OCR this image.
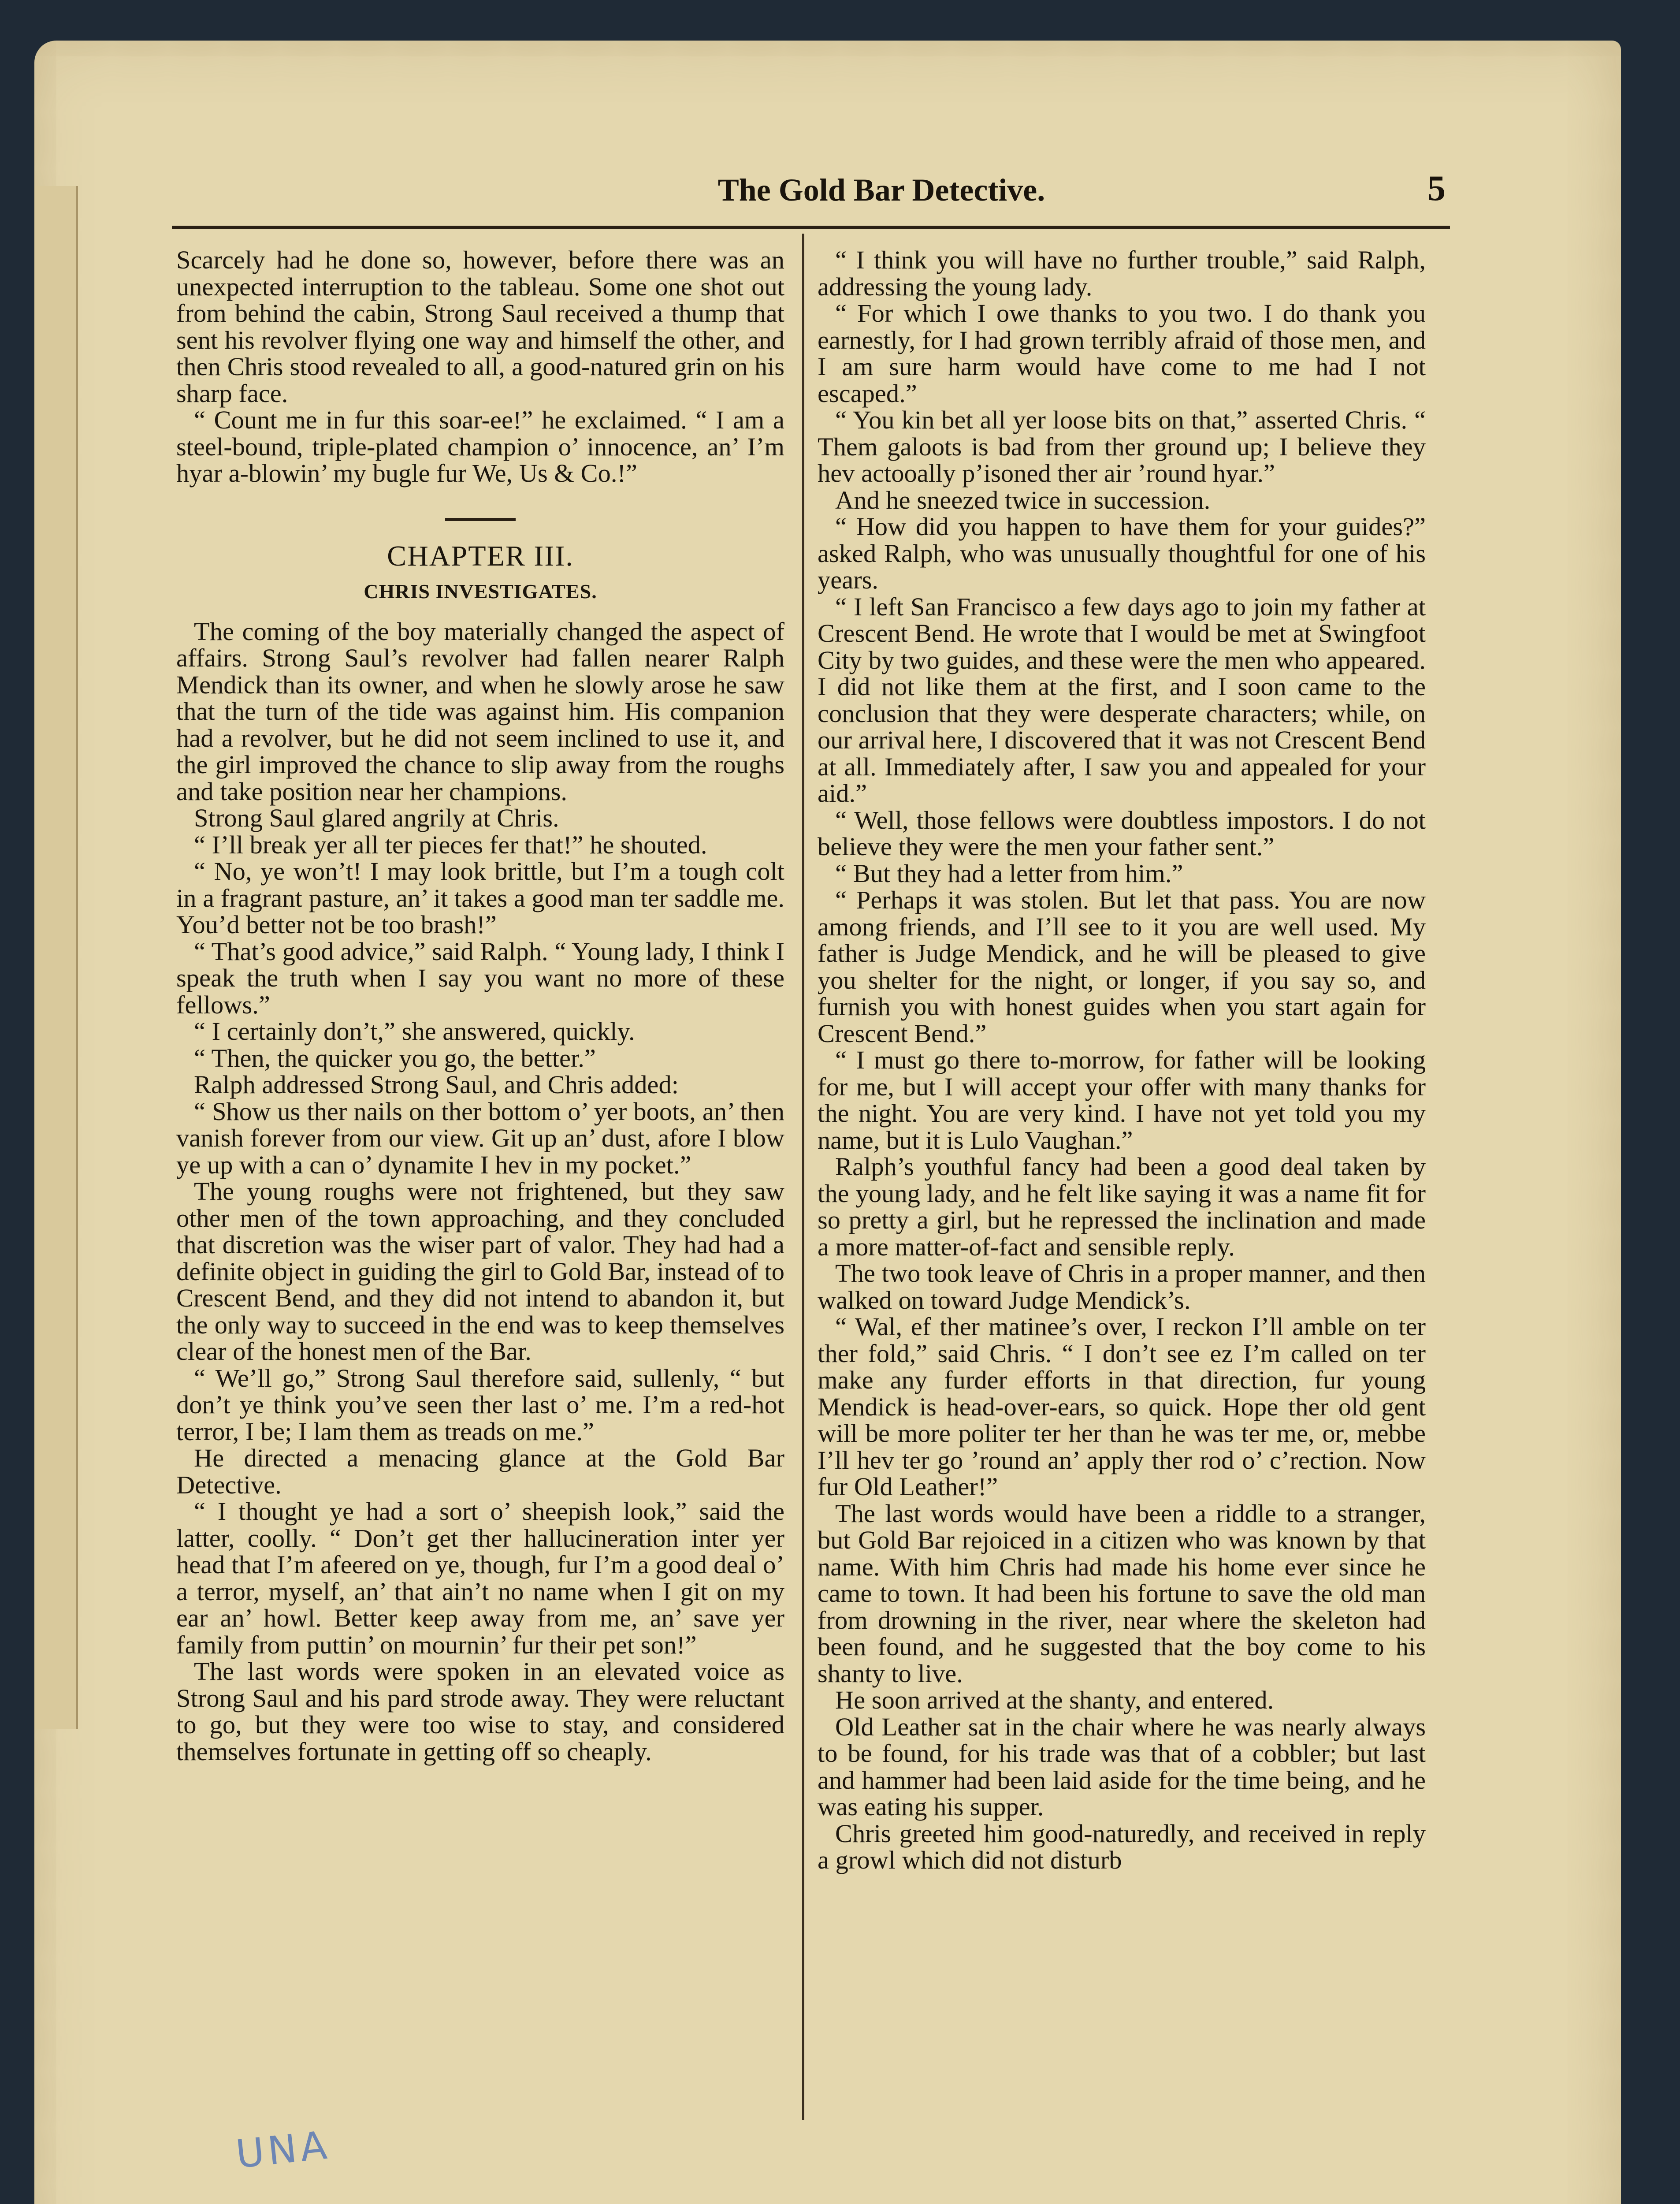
The Gold Bar Detective.	5

Scarcely had he done so, however, before there was an unexpected interruption to the tableau. Some one shot out from behind the cabin, Strong Saul received a thump that sent his revolver flying one way and himself the other, and then Chris stood revealed to all, a good-natured grin on his sharp face.

“ Count me in fur this soar-ee!” he exclaimed. “ I am a steel-bound, triple-plated champion o’ innocence, an’ I’m hyar a-blowin’ my bugle fur We, Us & Co.!”

CHAPTER III.
CHRIS INVESTIGATES.

The coming of the boy materially changed the aspect of affairs. Strong Saul’s revolver had fallen nearer Ralph Mendick than its owner, and when he slowly arose he saw that the turn of the tide was against him. His companion had a revolver, but he did not seem inclined to use it, and the girl improved the chance to slip away from the roughs and take position near her champions.

Strong Saul glared angrily at Chris.

“ I’ll break yer all ter pieces fer that!” he shouted.

“ No, ye won’t! I may look brittle, but I’m a tough colt in a fragrant pasture, an’ it takes a good man ter saddle me. You’d better not be too brash!”

“ That’s good advice,” said Ralph. “ Young lady, I think I speak the truth when I say you want no more of these fellows.”

“ I certainly don’t,” she answered, quickly.

“ Then, the quicker you go, the better.”

Ralph addressed Strong Saul, and Chris added:

“ Show us ther nails on ther bottom o’ yer boots, an’ then vanish forever from our view. Git up an’ dust, afore I blow ye up with a can o’ dynamite I hev in my pocket.”

The young roughs were not frightened, but they saw other men of the town approaching, and they concluded that discretion was the wiser part of valor. They had had a definite object in guiding the girl to Gold Bar, instead of to Crescent Bend, and they did not intend to abandon it, but the only way to succeed in the end was to keep themselves clear of the honest men of the Bar.

“ We’ll go,” Strong Saul therefore said, sullenly, “ but don’t ye think you’ve seen ther last o’ me. I’m a red-hot terror, I be; I lam them as treads on me.”

He directed a menacing glance at the Gold Bar Detective.

“ I thought ye had a sort o’ sheepish look,” said the latter, coolly. “ Don’t get ther hallucineration inter yer head that I’m afeered on ye, though, fur I’m a good deal o’ a terror, myself, an’ that ain’t no name when I git on my ear an’ howl. Better keep away from me, an’ save yer family from puttin’ on mournin’ fur their pet son!”

The last words were spoken in an elevated voice as Strong Saul and his pard strode away. They were reluctant to go, but they were too wise to stay, and considered themselves fortunate in getting off so cheaply.

“ I think you will have no further trouble,” said Ralph, addressing the young lady.

“ For which I owe thanks to you two. I do thank you earnestly, for I had grown terribly afraid of those men, and I am sure harm would have come to me had I not escaped.”

“ You kin bet all yer loose bits on that,” asserted Chris. “ Them galoots is bad from ther ground up; I believe they hev actooally p’isoned ther air ’round hyar.”

And he sneezed twice in succession.

“ How did you happen to have them for your guides?” asked Ralph, who was unusually thoughtful for one of his years.

“ I left San Francisco a few days ago to join my father at Crescent Bend. He wrote that I would be met at Swingfoot City by two guides, and these were the men who appeared. I did not like them at the first, and I soon came to the conclusion that they were desperate characters; while, on our arrival here, I discovered that it was not Crescent Bend at all. Immediately after, I saw you and appealed for your aid.”

“ Well, those fellows were doubtless impostors. I do not believe they were the men your father sent.”

“ But they had a letter from him.”

“ Perhaps it was stolen. But let that pass. You are now among friends, and I’ll see to it you are well used. My father is Judge Mendick, and he will be pleased to give you shelter for the night, or longer, if you say so, and furnish you with honest guides when you start again for Crescent Bend.”

“ I must go there to-morrow, for father will be looking for me, but I will accept your offer with many thanks for the night. You are very kind. I have not yet told you my name, but it is Lulo Vaughan.”

Ralph’s youthful fancy had been a good deal taken by the young lady, and he felt like saying it was a name fit for so pretty a girl, but he repressed the inclination and made a more matter-of-fact and sensible reply.

The two took leave of Chris in a proper manner, and then walked on toward Judge Mendick’s.

“ Wal, ef ther matinee’s over, I reckon I’ll amble on ter ther fold,” said Chris. “ I don’t see ez I’m called on ter make any furder efforts in that direction, fur young Mendick is head-over-ears, so quick. Hope ther old gent will be more politer ter her than he was ter me, or, mebbe I’ll hev ter go ’round an’ apply ther rod o’ c’rection. Now fur Old Leather!”

The last words would have been a riddle to a stranger, but Gold Bar rejoiced in a citizen who was known by that name. With him Chris had made his home ever since he came to town. It had been his fortune to save the old man from drowning in the river, near where the skeleton had been found, and he suggested that the boy come to his shanty to live.

He soon arrived at the shanty, and entered.

Old Leather sat in the chair where he was nearly always to be found, for his trade was that of a cobbler; but last and hammer had been laid aside for the time being, and he was eating his supper.

Chris greeted him good-naturedly, and received in reply a growl which did not disturb

UNA
